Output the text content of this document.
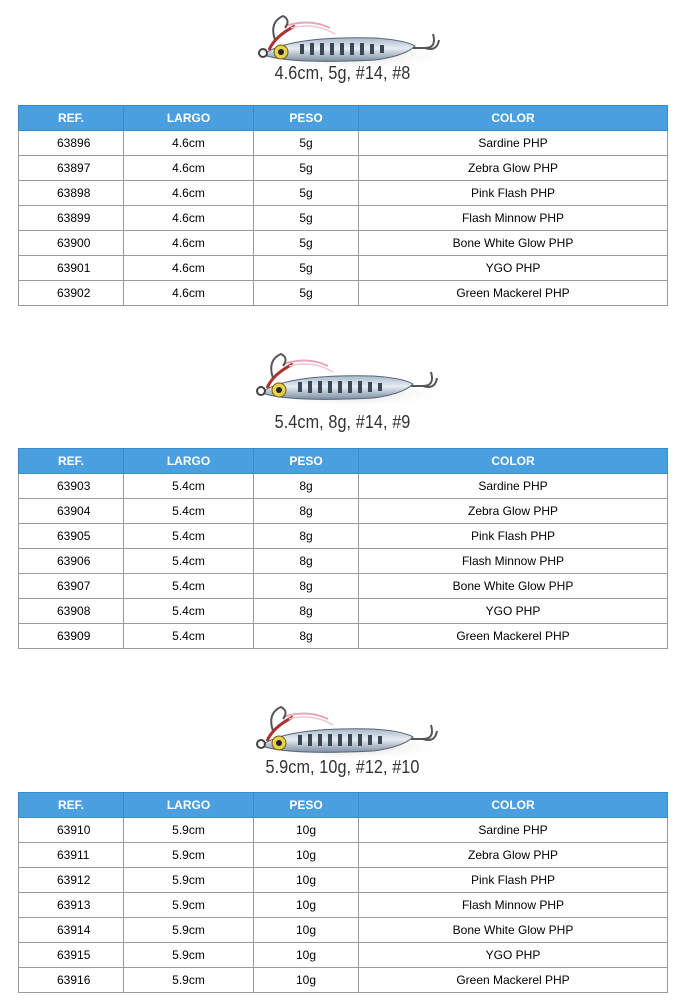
4.6cm, 5g, #14, #8
REF.	LARGO	PESO	COLOR
63896	4.6cm	5g	Sardine PHP
63897	4.6cm	5g	Zebra Glow PHP
63898	4.6cm	5g	Pink Flash PHP
63899	4.6cm	5g	Flash Minnow PHP
63900	4.6cm	5g	Bone White Glow PHP
63901	4.6cm	5g	YGO PHP
63902	4.6cm	5g	Green Mackerel PHP
5.4cm, 8g, #14, #9
REF.	LARGO	PESO	COLOR
63903	5.4cm	8g	Sardine PHP
63904	5.4cm	8g	Zebra Glow PHP
63905	5.4cm	8g	Pink Flash PHP
63906	5.4cm	8g	Flash Minnow PHP
63907	5.4cm	8g	Bone White Glow PHP
63908	5.4cm	8g	YGO PHP
63909	5.4cm	8g	Green Mackerel PHP
5.9cm, 10g, #12, #10
REF.	LARGO	PESO	COLOR
63910	5.9cm	10g	Sardine PHP
63911	5.9cm	10g	Zebra Glow PHP
63912	5.9cm	10g	Pink Flash PHP
63913	5.9cm	10g	Flash Minnow PHP
63914	5.9cm	10g	Bone White Glow PHP
63915	5.9cm	10g	YGO PHP
63916	5.9cm	10g	Green Mackerel PHP
